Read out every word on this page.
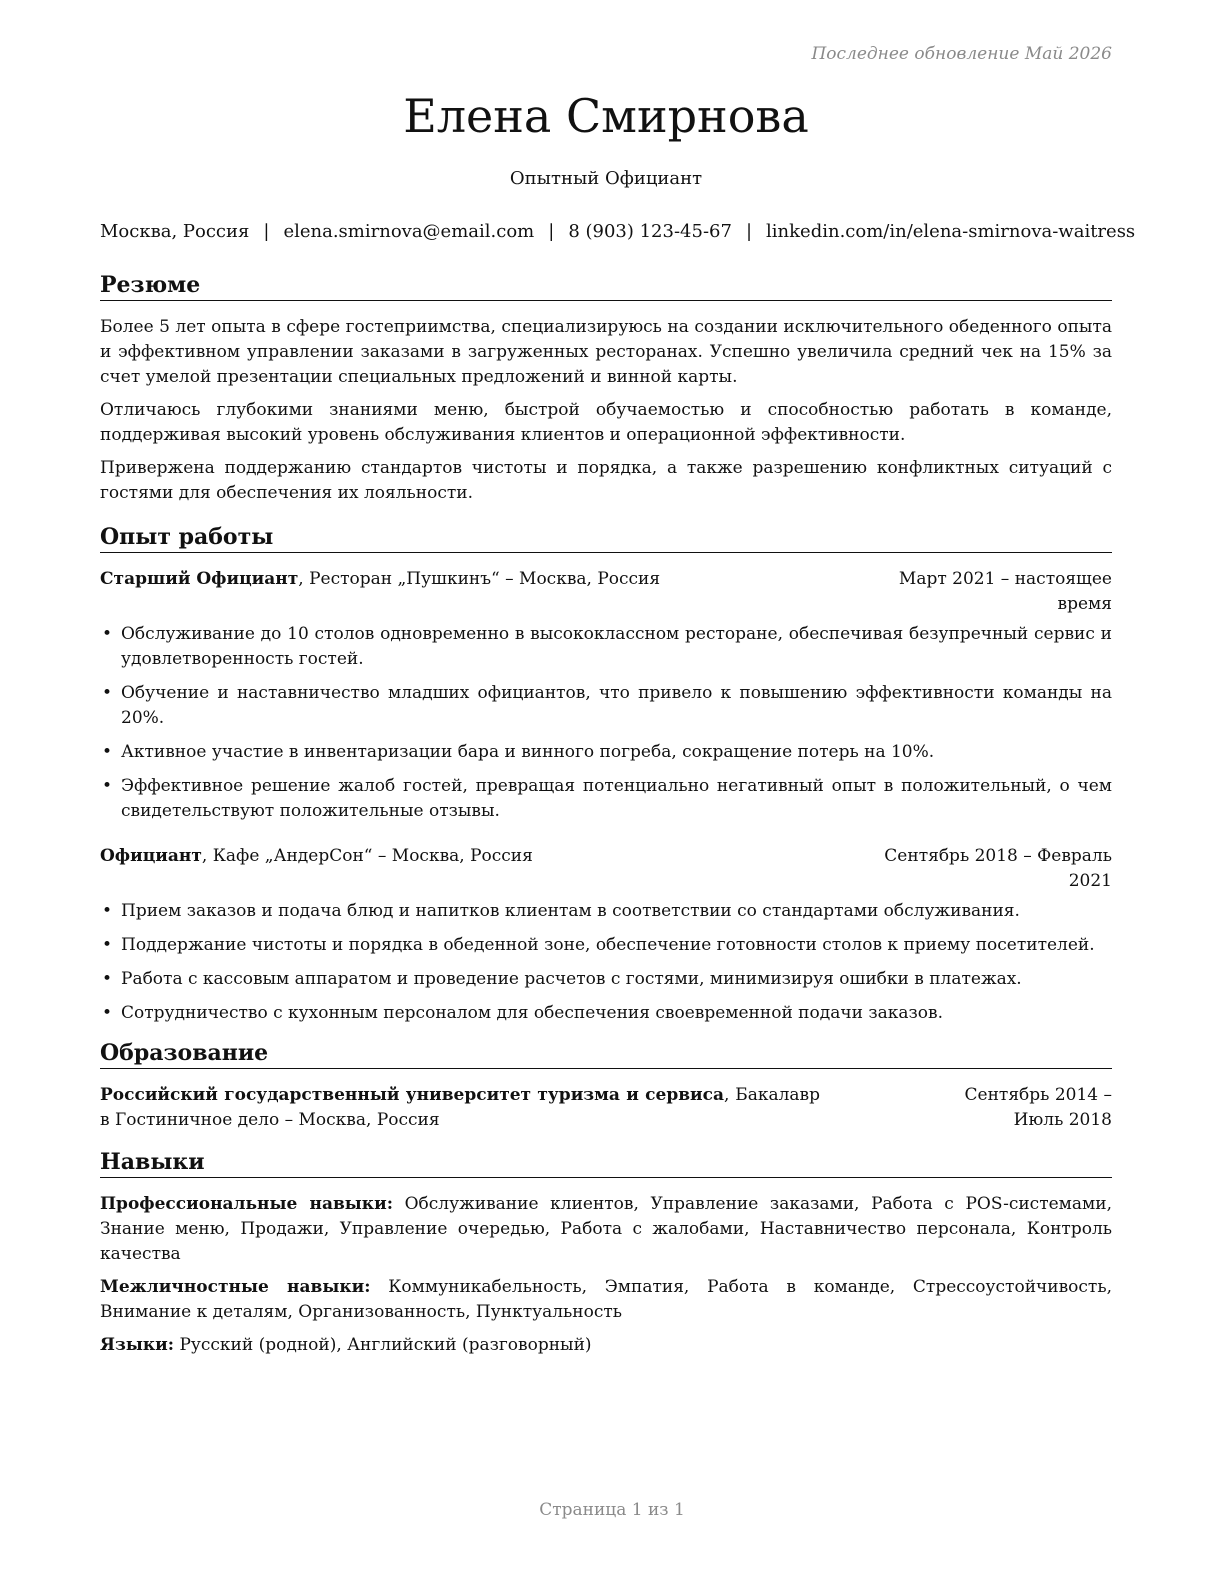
Последнее обновление Май 2026
Елена Смирнова
Опытный Официант
Москва, Россия | elena.smirnova@email.com | 8 (903) 123-45-67 | linkedin.com/in/elena-smirnova-waitress
Резюме

Более 5 лет опыта в сфере гостеприимства, специализируюсь на создании исключительного обеденного опыта и эффективном управлении заказами в загруженных ресторанах. Успешно увеличила средний чек на 15% за счет умелой презентации специальных предложений и винной карты.

Отличаюсь глубокими знаниями меню, быстрой обучаемостью и способностью работать в команде, поддерживая высокий уровень обслуживания клиентов и операционной эффективности.

Привержена поддержанию стандартов чистоты и порядка, а также разрешению конфликтных ситуаций с гостями для обеспечения их лояльности.

Опыт работы
Старший Официант, Ресторан „Пушкинъ“ – Москва, Россия	Март 2021 – настоящее время
• Обслуживание до 10 столов одновременно в высококлассном ресторане, обеспечивая безупречный сервис и удовлетворенность гостей.
• Обучение и наставничество младших официантов, что привело к повышению эффективности команды на 20%.
• Активное участие в инвентаризации бара и винного погреба, сокращение потерь на 10%.
• Эффективное решение жалоб гостей, превращая потенциально негативный опыт в положительный, о чем свидетельствуют положительные отзывы.
Официант, Кафе „АндерСон“ – Москва, Россия	Сентябрь 2018 – Февраль 2021
• Прием заказов и подача блюд и напитков клиентам в соответствии со стандартами обслуживания.
• Поддержание чистоты и порядка в обеденной зоне, обеспечение готовности столов к приему посетителей.
• Работа с кассовым аппаратом и проведение расчетов с гостями, минимизируя ошибки в платежах.
• Сотрудничество с кухонным персоналом для обеспечения своевременной подачи заказов.
Образование
Российский государственный университет туризма и сервиса, Бакалавр в Гостиничное дело – Москва, Россия
Сентябрь 2014 – Июль 2018
Навыки
Профессиональные навыки: Обслуживание клиентов, Управление заказами, Работа с POS-системами, Знание меню, Продажи, Управление очередью, Работа с жалобами, Наставничество персонала, Контроль качества
Межличностные навыки: Коммуникабельность, Эмпатия, Работа в команде, Стрессоустойчивость, Внимание к деталям, Организованность, Пунктуальность
Языки: Русский (родной), Английский (разговорный)
Страница 1 из 1
